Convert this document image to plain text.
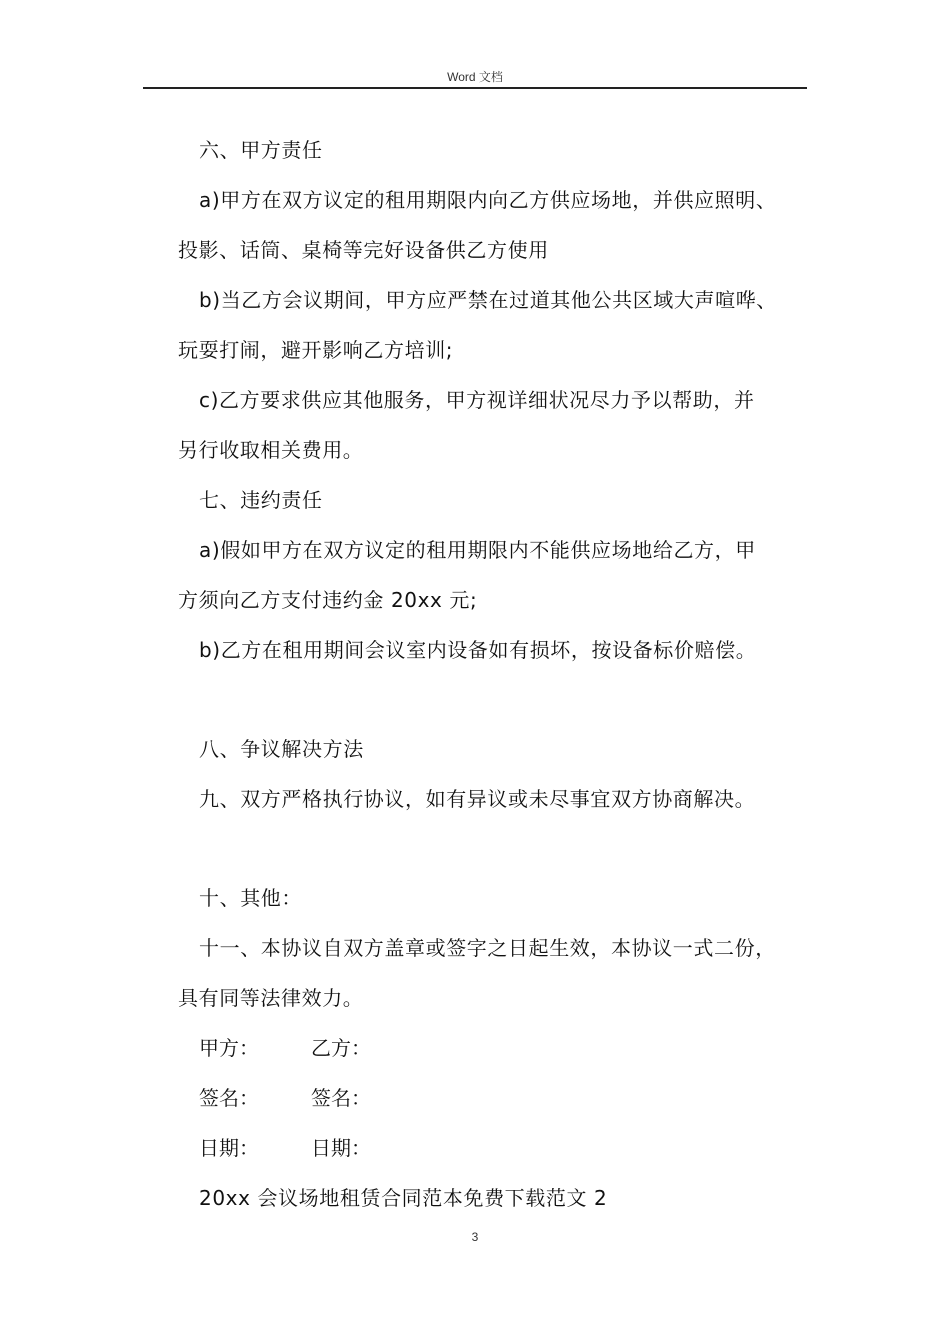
Word 文档
六、甲方责任
a)甲方在双方议定的租用期限内向乙方供应场地，并供应照明、
投影、话筒、桌椅等完好设备供乙方使用
b)当乙方会议期间，甲方应严禁在过道其他公共区域大声喧哗、
玩耍打闹，避开影响乙方培训;
c)乙方要求供应其他服务，甲方视详细状况尽力予以帮助，并
另行收取相关费用。
七、违约责任
a)假如甲方在双方议定的租用期限内不能供应场地给乙方，甲
方须向乙方支付违约金 20xx 元;
b)乙方在租用期间会议室内设备如有损坏，按设备标价赔偿。
八、争议解决方法
九、双方严格执行协议，如有异议或未尽事宜双方协商解决。
十、其他：
十一、本协议自双方盖章或签字之日起生效，本协议一式二份，
具有同等法律效力。
甲方：	乙方：
签名：	签名：
日期：	日期：
20xx 会议场地租赁合同范本免费下载范文 2
3
